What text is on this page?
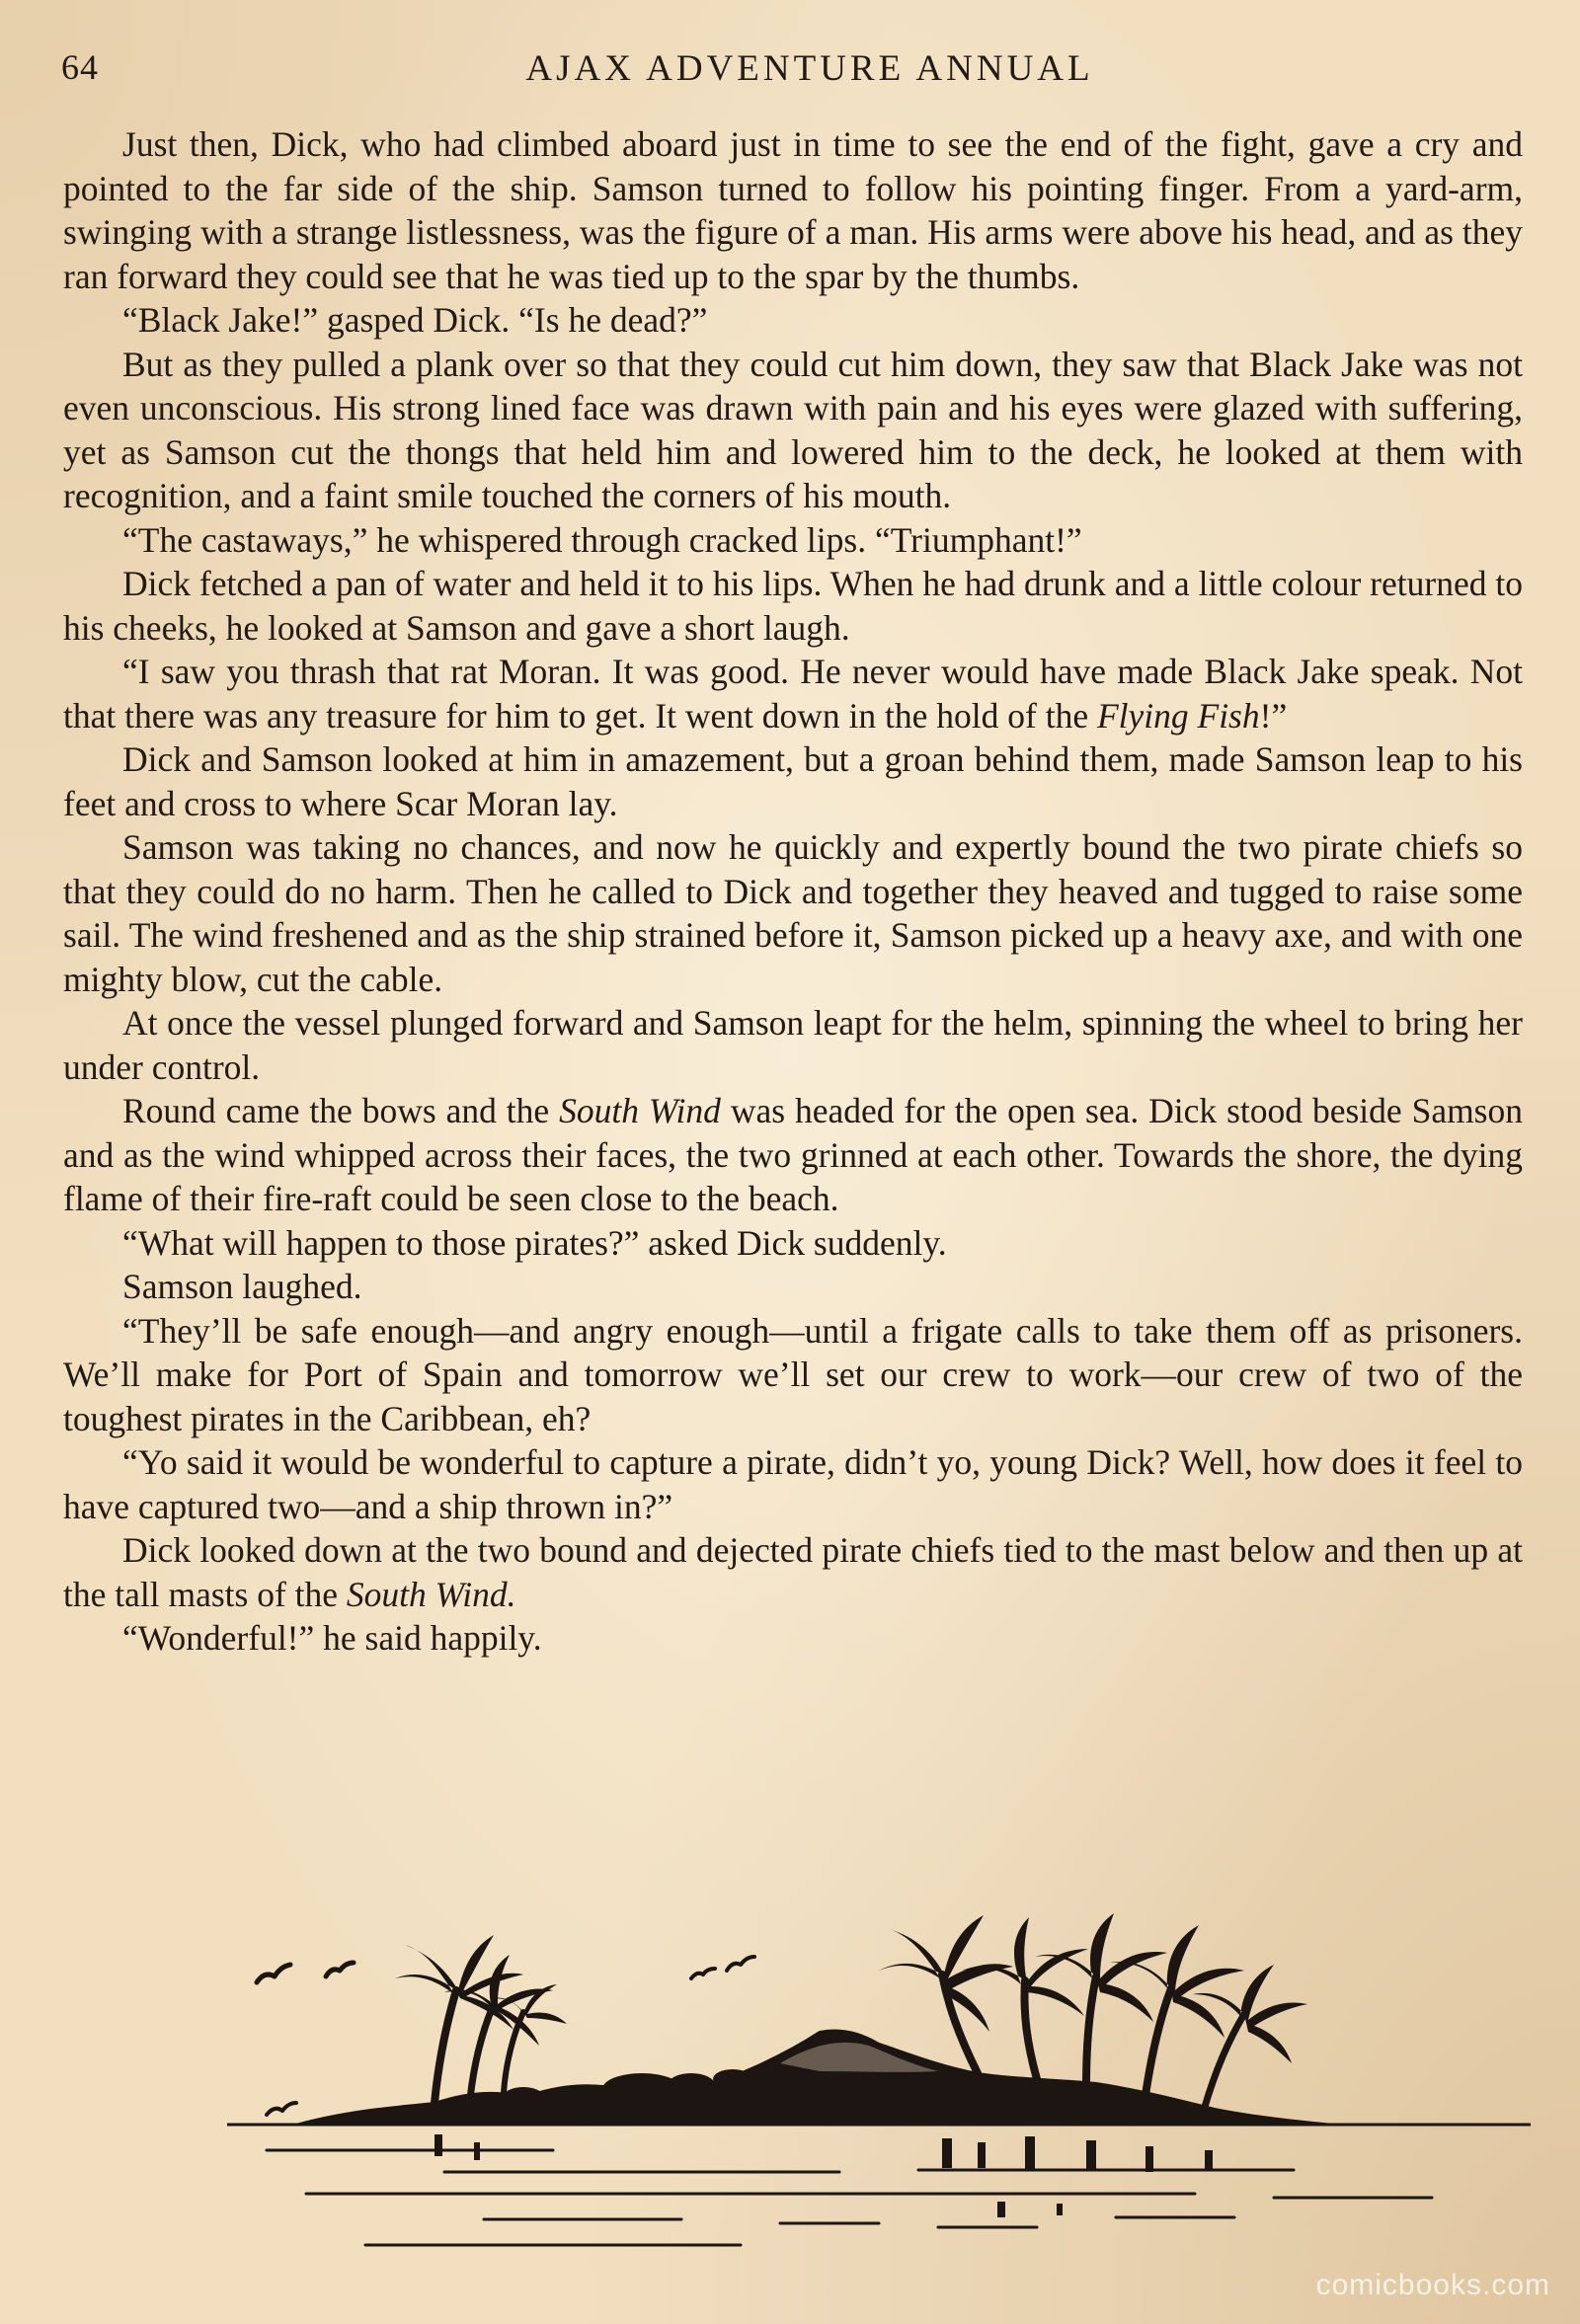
64	AJAX ADVENTURE ANNUAL

Just then, Dick, who had climbed aboard just in time to see the end of the fight, gave a cry and pointed to the far side of the ship. Samson turned to follow his pointing finger. From a yard-arm, swinging with a strange listlessness, was the figure of a man. His arms were above his head, and as they ran forward they could see that he was tied up to the spar by the thumbs.

“Black Jake!” gasped Dick. “Is he dead?”

But as they pulled a plank over so that they could cut him down, they saw that Black Jake was not even unconscious. His strong lined face was drawn with pain and his eyes were glazed with suffering, yet as Samson cut the thongs that held him and lowered him to the deck, he looked at them with recognition, and a faint smile touched the corners of his mouth.

“The castaways,” he whispered through cracked lips. “Triumphant!”

Dick fetched a pan of water and held it to his lips. When he had drunk and a little colour returned to his cheeks, he looked at Samson and gave a short laugh.

“I saw you thrash that rat Moran. It was good. He never would have made Black Jake speak. Not that there was any treasure for him to get. It went down in the hold of the Flying Fish!”

Dick and Samson looked at him in amazement, but a groan behind them, made Samson leap to his feet and cross to where Scar Moran lay.

Samson was taking no chances, and now he quickly and expertly bound the two pirate chiefs so that they could do no harm. Then he called to Dick and together they heaved and tugged to raise some sail. The wind freshened and as the ship strained before it, Samson picked up a heavy axe, and with one mighty blow, cut the cable.

At once the vessel plunged forward and Samson leapt for the helm, spinning the wheel to bring her under control.

Round came the bows and the South Wind was headed for the open sea. Dick stood beside Samson and as the wind whipped across their faces, the two grinned at each other. Towards the shore, the dying flame of their fire-raft could be seen close to the beach.

“What will happen to those pirates?” asked Dick suddenly.

Samson laughed.

“They’ll be safe enough—and angry enough—until a frigate calls to take them off as prisoners. We’ll make for Port of Spain and tomorrow we’ll set our crew to work—our crew of two of the toughest pirates in the Caribbean, eh?

“Yo said it would be wonderful to capture a pirate, didn’t yo, young Dick? Well, how does it feel to have captured two—and a ship thrown in?”

Dick looked down at the two bound and dejected pirate chiefs tied to the mast below and then up at the tall masts of the South Wind.

“Wonderful!” he said happily.

comicbooks.com
